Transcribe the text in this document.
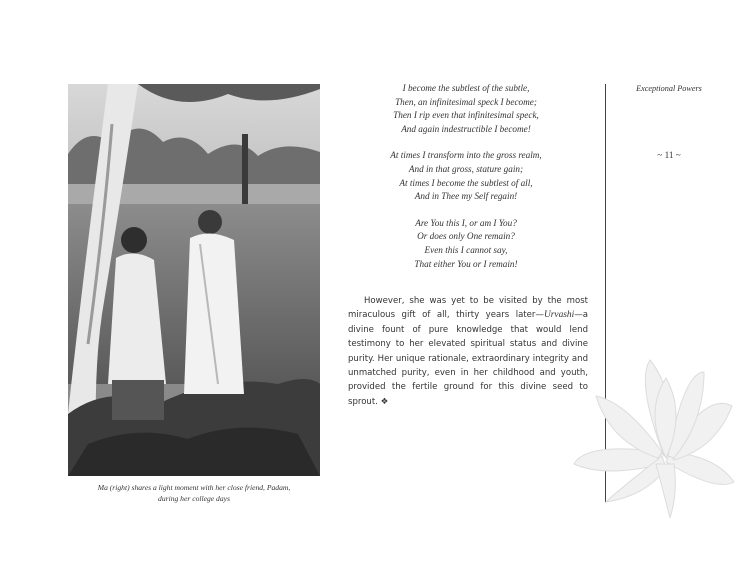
Ma (right) shares a light moment with her close friend, Padam,
during her college days
I become the subtlest of the subtle,
Then, an infinitesimal speck I become;
Then I rip even that infinitesimal speck,
And again indestructible I become!
At times I transform into the gross realm,
And in that gross, stature gain;
At times I become the subtlest of all,
And in Thee my Self regain!
Are You this I, or am I You?
Or does only One remain?
Even this I cannot say,
That either You or I remain!

However, she was yet to be visited by the most miraculous gift of all, thirty years later—Urvashi—a divine fount of pure knowledge that would lend testimony to her elevated spiritual status and divine purity. Her unique rationale, extraordinary integrity and unmatched purity, even in her childhood and youth, provided the fertile ground for this divine seed to sprout. ❖

Exceptional Powers
~ 11 ~
